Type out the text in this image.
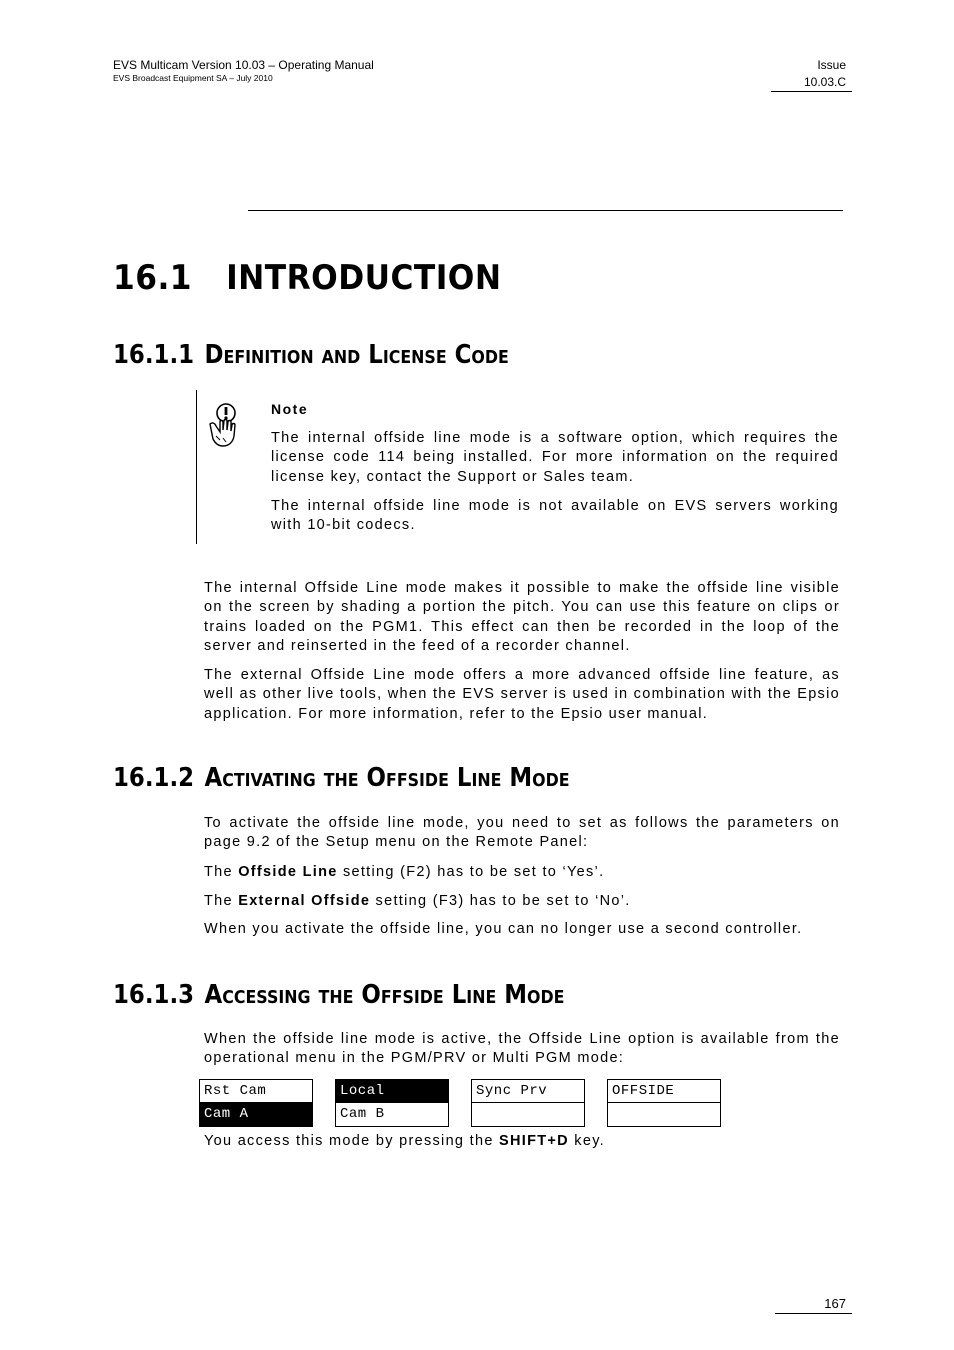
EVS Multicam Version 10.03 – Operating Manual
EVS Broadcast Equipment SA – July 2010
Issue
10.03.C
16.1 INTRODUCTION
16.1.1 Definition and License Code
Note

The internal offside line mode is a software option, which requires the license code 114 being installed. For more information on the required license key, contact the Support or Sales team.

The internal offside line mode is not available on EVS servers working with 10-bit codecs.

The internal Offside Line mode makes it possible to make the offside line visible on the screen by shading a portion the pitch. You can use this feature on clips or trains loaded on the PGM1. This effect can then be recorded in the loop of the server and reinserted in the feed of a recorder channel.

The external Offside Line mode offers a more advanced offside line feature, as well as other live tools, when the EVS server is used in combination with the Epsio application. For more information, refer to the Epsio user manual.

16.1.2 Activating the Offside Line Mode

To activate the offside line mode, you need to set as follows the parameters on page 9.2 of the Setup menu on the Remote Panel:

The Offside Line setting (F2) has to be set to ‘Yes’.

The External Offside setting (F3) has to be set to ‘No’.

When you activate the offside line, you can no longer use a second controller.

16.1.3 Accessing the Offside Line Mode

When the offside line mode is active, the Offside Line option is available from the operational menu in the PGM/PRV or Multi PGM mode:

Rst Cam
Cam A
Local
Cam B
Sync Prv	OFFSIDE

You access this mode by pressing the SHIFT+D key.

167
